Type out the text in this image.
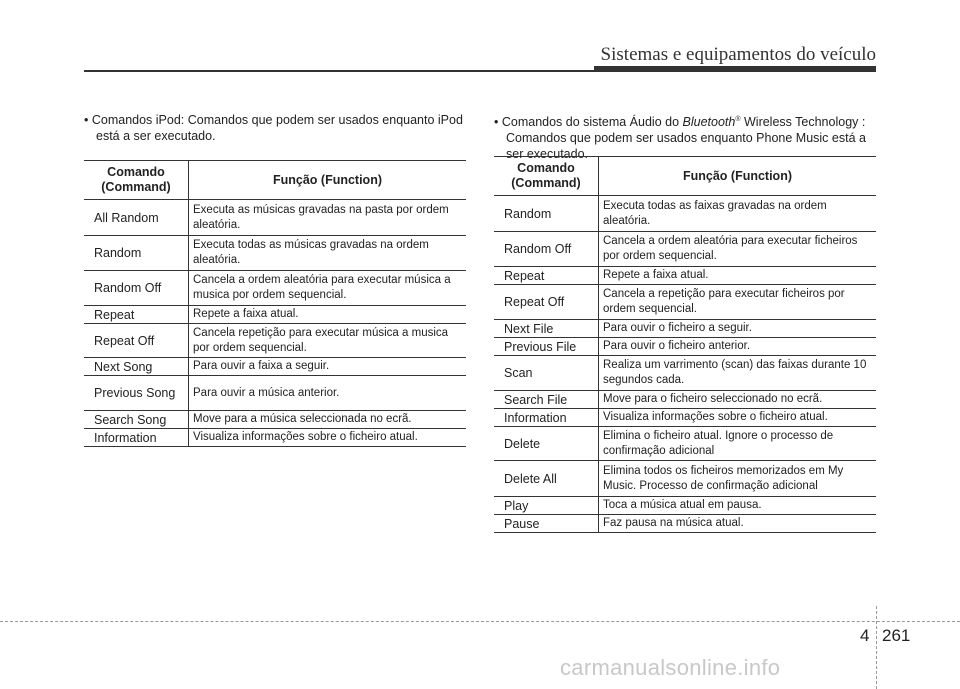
Sistemas e equipamentos do veículo
• Comandos iPod: Comandos que podem ser usados enquanto iPod
está a ser executado.
Comando
(Command)	Função (Function)
All Random	Executa as músicas gravadas na pasta por ordem aleatória.
Random	Executa todas as músicas gravadas na ordem aleatória.
Random Off	Cancela a ordem aleatória para executar música a musica por ordem sequencial.
Repeat	Repete a faixa atual.
Repeat Off	Cancela repetição para executar música a musica por ordem sequencial.
Next Song	Para ouvir a faixa a seguir.
Previous Song	Para ouvir a música anterior.
Search Song	Move para a música seleccionada no ecrã.
Information	Visualiza informações sobre o ficheiro atual.
• Comandos do sistema Áudio do Bluetooth® Wireless Technology :
Comandos que podem ser usados enquanto Phone Music está a
ser executado.
Comando
(Command)	Função (Function)
Random	Executa todas as faixas gravadas na ordem aleatória.
Random Off	Cancela a ordem aleatória para executar ficheiros por ordem sequencial.
Repeat	Repete a faixa atual.
Repeat Off	Cancela a repetição para executar ficheiros por ordem sequencial.
Next File	Para ouvir o ficheiro a seguir.
Previous File	Para ouvir o ficheiro anterior.
Scan	Realiza um varrimento (scan) das faixas durante 10 segundos cada.
Search File	Move para o ficheiro seleccionado no ecrã.
Information	Visualiza informações sobre o ficheiro atual.
Delete	Elimina o ficheiro atual. Ignore o processo de confirmação adicional
Delete All	Elimina todos os ficheiros memorizados em My Music. Processo de confirmação adicional
Play	Toca a música atual em pausa.
Pause	Faz pausa na música atual.
4 261
carmanualsonline.info
